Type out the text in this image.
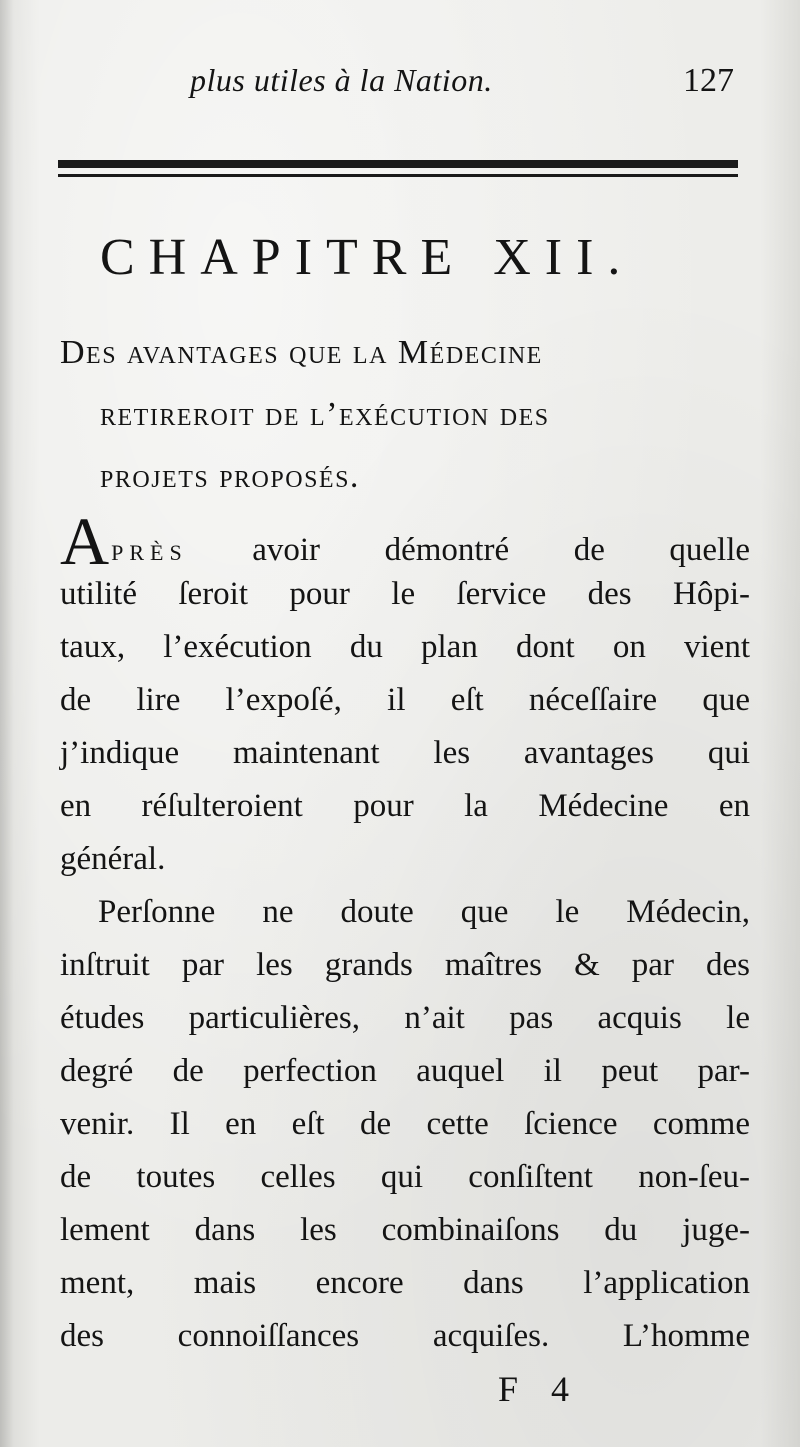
plus utiles à la Nation.	127
CHAPITRE XII.
Des avantages que la Médecine
retireroit de l’exécution des
projets proposés.
APRÈS avoir démontré de quelle
utilité ſeroit pour le ſervice des Hôpi-
taux, l’exécution du plan dont on vient
de lire l’expoſé, il eſt néceſſaire que
j’indique maintenant les avantages qui
en réſulteroient pour la Médecine en
général.
Perſonne ne doute que le Médecin,
inſtruit par les grands maîtres & par des
études particulières, n’ait pas acquis le
degré de perfection auquel il peut par-
venir. Il en eſt de cette ſcience comme
de toutes celles qui conſiſtent non-ſeu-
lement dans les combinaiſons du juge-
ment, mais encore dans l’application
des connoiſſances acquiſes. L’homme
F 4
